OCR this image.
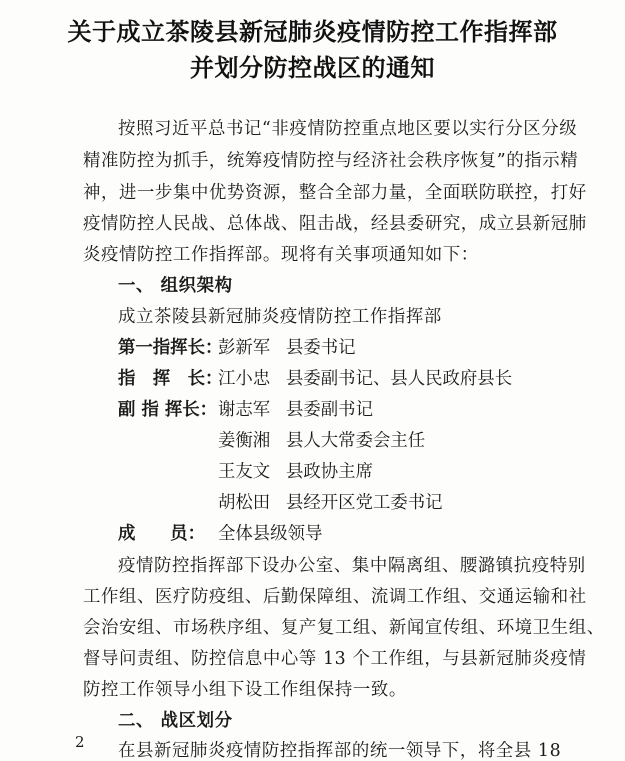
关于成立茶陵县新冠肺炎疫情防控工作指挥部
并划分防控战区的通知
按照习近平总书记“非疫情防控重点地区要以实行分区分级
精准防控为抓手，统筹疫情防控与经济社会秩序恢复”的指示精
神，进一步集中优势资源，整合全部力量，全面联防联控，打好
疫情防控人民战、总体战、阻击战，经县委研究，成立县新冠肺
炎疫情防控工作指挥部。现将有关事项通知如下：
一、 组织架构
成立茶陵县新冠肺炎疫情防控工作指挥部
第一指挥长：
彭新军 县委书记
指　挥　长：
江小忠 县委副书记、县人民政府县长
副 指 挥长： 谢志军 县委副书记
姜衡湘 县人大常委会主任
王友文 县政协主席
胡松田 县经开区党工委书记
成　　员： 全体县级领导
疫情防控指挥部下设办公室、集中隔离组、腰潞镇抗疫特别
工作组、医疗防疫组、后勤保障组、流调工作组、交通运输和社
会治安组、市场秩序组、复产复工组、新闻宣传组、环境卫生组、
督导问责组、防控信息中心等 13 个工作组，与县新冠肺炎疫情
防控工作领导小组下设工作组保持一致。
二、 战区划分
在县新冠肺炎疫情防控指挥部的统一领导下，将全县 18
2
